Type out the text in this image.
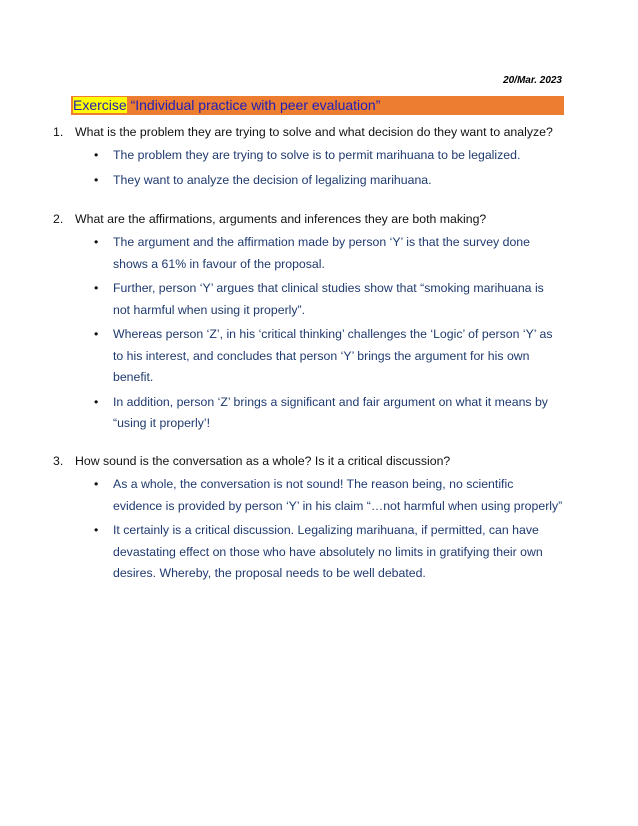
20/Mar. 2023
Exercise “Individual practice with peer evaluation”
1. What is the problem they are trying to solve and what decision do they want to analyze?
• The problem they are trying to solve is to permit marihuana to be legalized.
• They want to analyze the decision of legalizing marihuana.
2. What are the affirmations, arguments and inferences they are both making?
• The argument and the affirmation made by person ‘Y’ is that the survey done shows a 61% in favour of the proposal.
• Further, person ‘Y’ argues that clinical studies show that “smoking marihuana is not harmful when using it properly”.
• Whereas person ‘Z’, in his ‘critical thinking’ challenges the ‘Logic’ of person ‘Y’ as to his interest, and concludes that person ‘Y’ brings the argument for his own benefit.
• In addition, person ‘Z’ brings a significant and fair argument on what it means by “using it properly’!
3. How sound is the conversation as a whole? Is it a critical discussion?
• As a whole, the conversation is not sound! The reason being, no scientific evidence is provided by person ‘Y’ in his claim “…not harmful when using properly”
• It certainly is a critical discussion. Legalizing marihuana, if permitted, can have devastating effect on those who have absolutely no limits in gratifying their own desires. Whereby, the proposal needs to be well debated.
